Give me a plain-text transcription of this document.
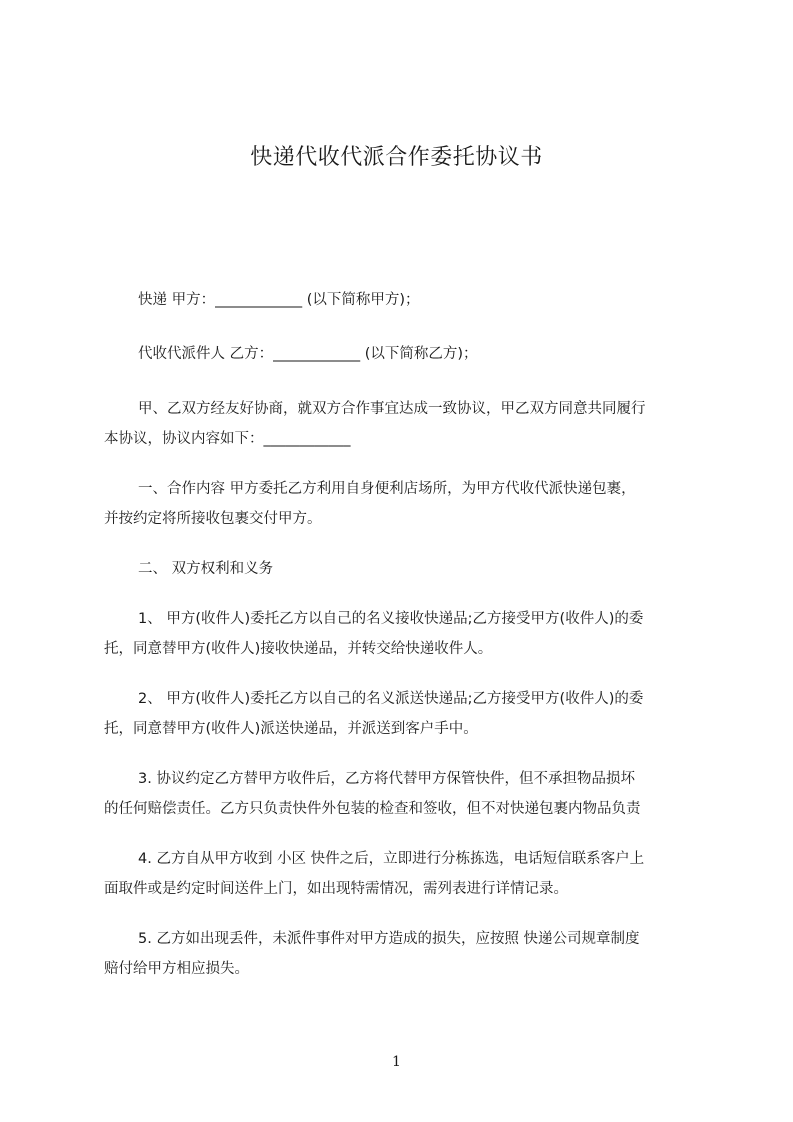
快递代收代派合作委托协议书
快递 甲方：____________ (以下简称甲方)；
代收代派件人 乙方：____________ (以下简称乙方)；
甲、乙双方经友好协商，就双方合作事宜达成一致协议，甲乙双方同意共同履行
本协议，协议内容如下：____________
一、合作内容 甲方委托乙方利用自身便利店场所，为甲方代收代派快递包裹，
并按约定将所接收包裹交付甲方。
二、 双方权利和义务
1、 甲方(收件人)委托乙方以自己的名义接收快递品;乙方接受甲方(收件人)的委
托，同意替甲方(收件人)接收快递品，并转交给快递收件人。
2、 甲方(收件人)委托乙方以自己的名义派送快递品;乙方接受甲方(收件人)的委
托，同意替甲方(收件人)派送快递品，并派送到客户手中。
3. 协议约定乙方替甲方收件后，乙方将代替甲方保管快件，但不承担物品损坏
的任何赔偿责任。乙方只负责快件外包装的检查和签收，但不对快递包裹内物品负责
4. 乙方自从甲方收到 小区 快件之后，立即进行分栋拣选，电话短信联系客户上
面取件或是约定时间送件上门，如出现特需情况，需列表进行详情记录。
5. 乙方如出现丢件，未派件事件对甲方造成的损失，应按照 快递公司规章制度
赔付给甲方相应损失。
1
